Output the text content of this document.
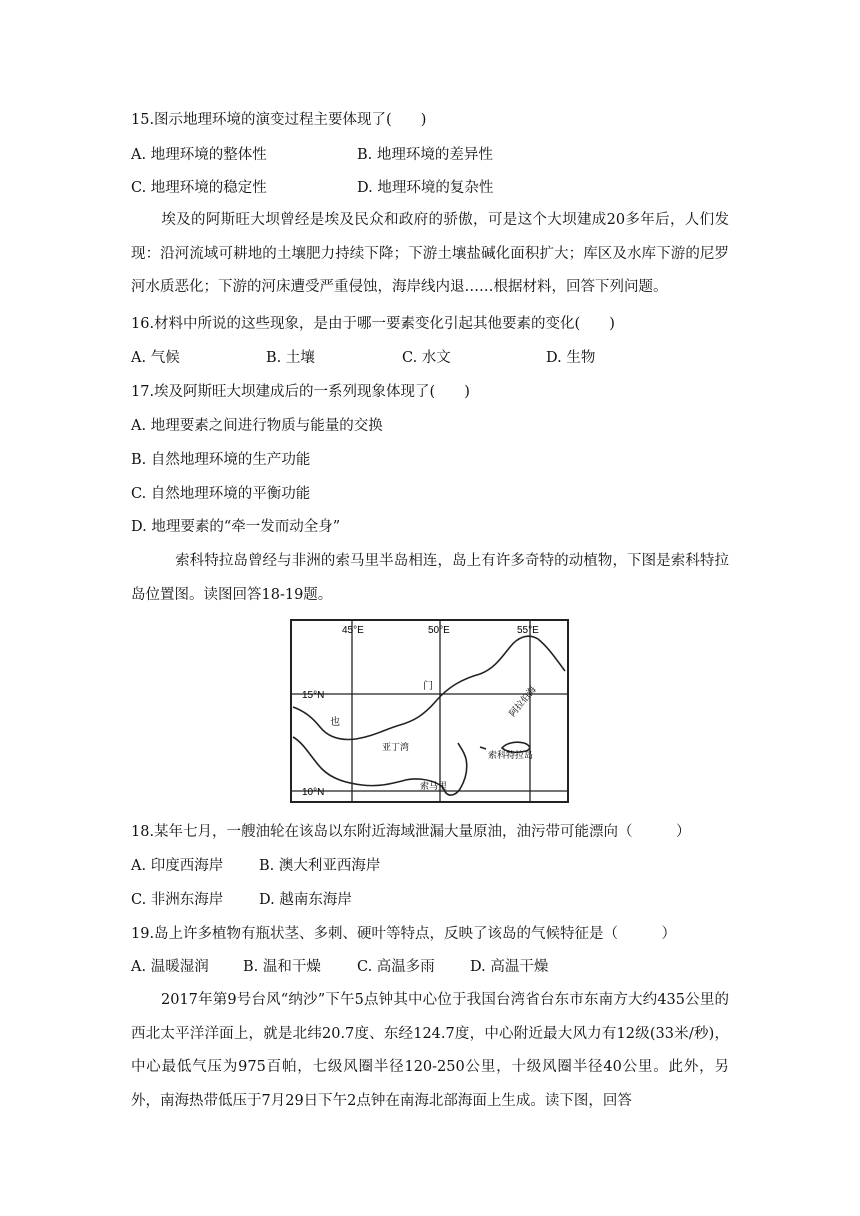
15.图示地理环境的演变过程主要体现了(　　)
A. 地理环境的整体性	B. 地理环境的差异性
C. 地理环境的稳定性	D. 地理环境的复杂性
埃及的阿斯旺大坝曾经是埃及民众和政府的骄傲，可是这个大坝建成20多年后，人们发现：沿河流域可耕地的土壤肥力持续下降；下游土壤盐碱化面积扩大；库区及水库下游的尼罗河水质恶化；下游的河床遭受严重侵蚀，海岸线内退……根据材料，回答下列问题。
16.材料中所说的这些现象，是由于哪一要素变化引起其他要素的变化(　　)
A. 气候	B. 土壤	C. 水文	D. 生物
17.埃及阿斯旺大坝建成后的一系列现象体现了(　　)
A. 地理要素之间进行物质与能量的交换
B. 自然地理环境的生产功能
C. 自然地理环境的平衡功能
D. 地理要素的“牵一发而动全身”
索科特拉岛曾经与非洲的索马里半岛相连，岛上有许多奇特的动植物，下图是索科特拉岛位置图。读图回答18-19题。
45°E	50°E	55°E
15°N
10°N
门
也
阿拉伯海
亚丁湾
索科特拉岛
索马里
18.某年七月，一艘油轮在该岛以东附近海域泄漏大量原油，油污带可能漂向（　　　）
A. 印度西海岸 B. 澳大利亚西海岸
C. 非洲东海岸 D. 越南东海岸
19.岛上许多植物有瓶状茎、多刺、硬叶等特点，反映了该岛的气候特征是（　　　）
A. 温暖湿润 B. 温和干燥 C. 高温多雨 D. 高温干燥
2017年第9号台风“纳沙”下午5点钟其中心位于我国台湾省台东市东南方大约435公里的西北太平洋洋面上，就是北纬20.7度、东经124.7度，中心附近最大风力有12级(33米/秒)，中心最低气压为975百帕，七级风圈半径120-250公里，十级风圈半径40公里。此外，另外，南海热带低压于7月29日下午2点钟在南海北部海面上生成。读下图，回答
